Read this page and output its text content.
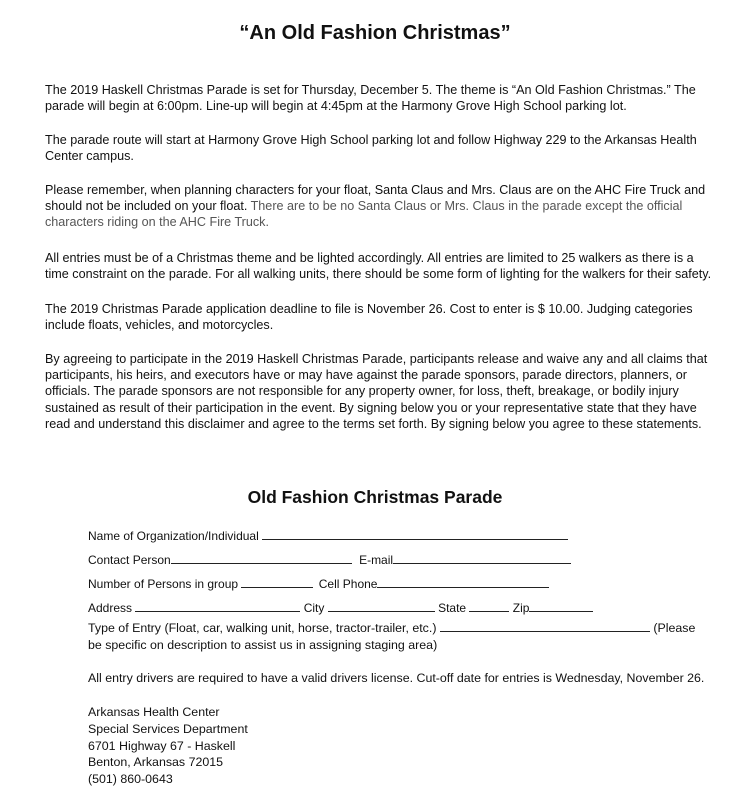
“An Old Fashion Christmas”

The 2019 Haskell Christmas Parade is set for Thursday, December 5. The theme is “An Old Fashion Christmas.” The parade will begin at 6:00pm. Line-up will begin at 4:45pm at the Harmony Grove High School parking lot.

The parade route will start at Harmony Grove High School parking lot and follow Highway 229 to the Arkansas Health Center campus.

Please remember, when planning characters for your float, Santa Claus and Mrs. Claus are on the AHC Fire Truck and should not be included on your float. There are to be no Santa Claus or Mrs. Claus in the parade except the official characters riding on the AHC Fire Truck.

All entries must be of a Christmas theme and be lighted accordingly. All entries are limited to 25 walkers as there is a time constraint on the parade. For all walking units, there should be some form of lighting for the walkers for their safety.

The 2019 Christmas Parade application deadline to file is November 26. Cost to enter is $ 10.00. Judging categories include floats, vehicles, and motorcycles.

By agreeing to participate in the 2019 Haskell Christmas Parade, participants release and waive any and all claims that participants, his heirs, and executors have or may have against the parade sponsors, parade directors, planners, or officials. The parade sponsors are not responsible for any property owner, for loss, theft, breakage, or bodily injury sustained as result of their participation in the event. By signing below you or your representative state that they have read and understand this disclaimer and agree to the terms set forth. By signing below you agree to these statements.

Old Fashion Christmas Parade
Name of Organization/Individual
Contact Person	E-mail
Number of Persons in group	Cell Phone
Address	City	State	Zip
Type of Entry (Float, car, walking unit, horse, tractor-trailer, etc.)	(Please
be specific on description to assist us in assigning staging area)

All entry drivers are required to have a valid drivers license. Cut-off date for entries is Wednesday, November 26.

Arkansas Health Center
Special Services Department
6701 Highway 67 - Haskell
Benton, Arkansas 72015
(501) 860-0643
